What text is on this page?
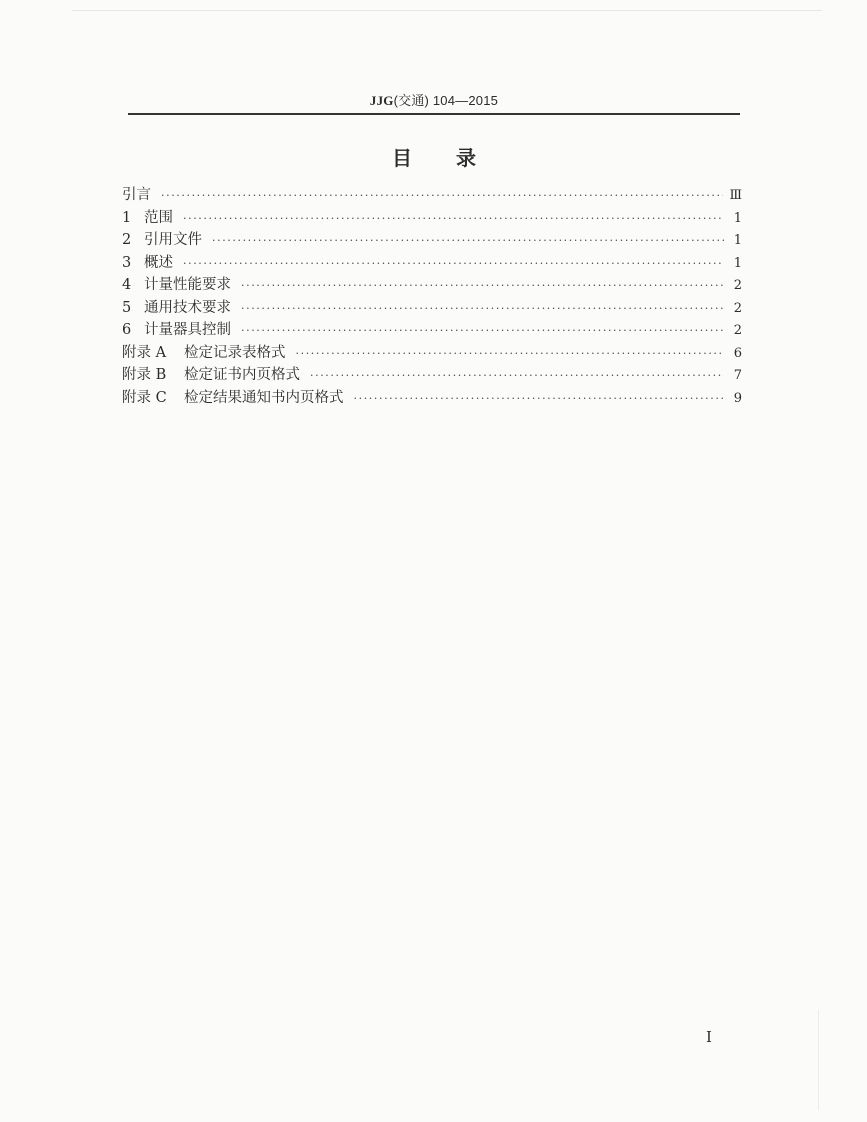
JJG(交通) 104—2015
目录
引言 ·····	Ⅲ
1 范围 ·····	1
2 引用文件 ·····	1
3 概述 ·····	1
4 计量性能要求 ·····	2
5 通用技术要求 ·····	2
6 计量器具控制 ·····	2
附录 A 检定记录表格式 ·····	6
附录 B 检定证书内页格式 ·····	7
附录 C 检定结果通知书内页格式 ·····	9
I
